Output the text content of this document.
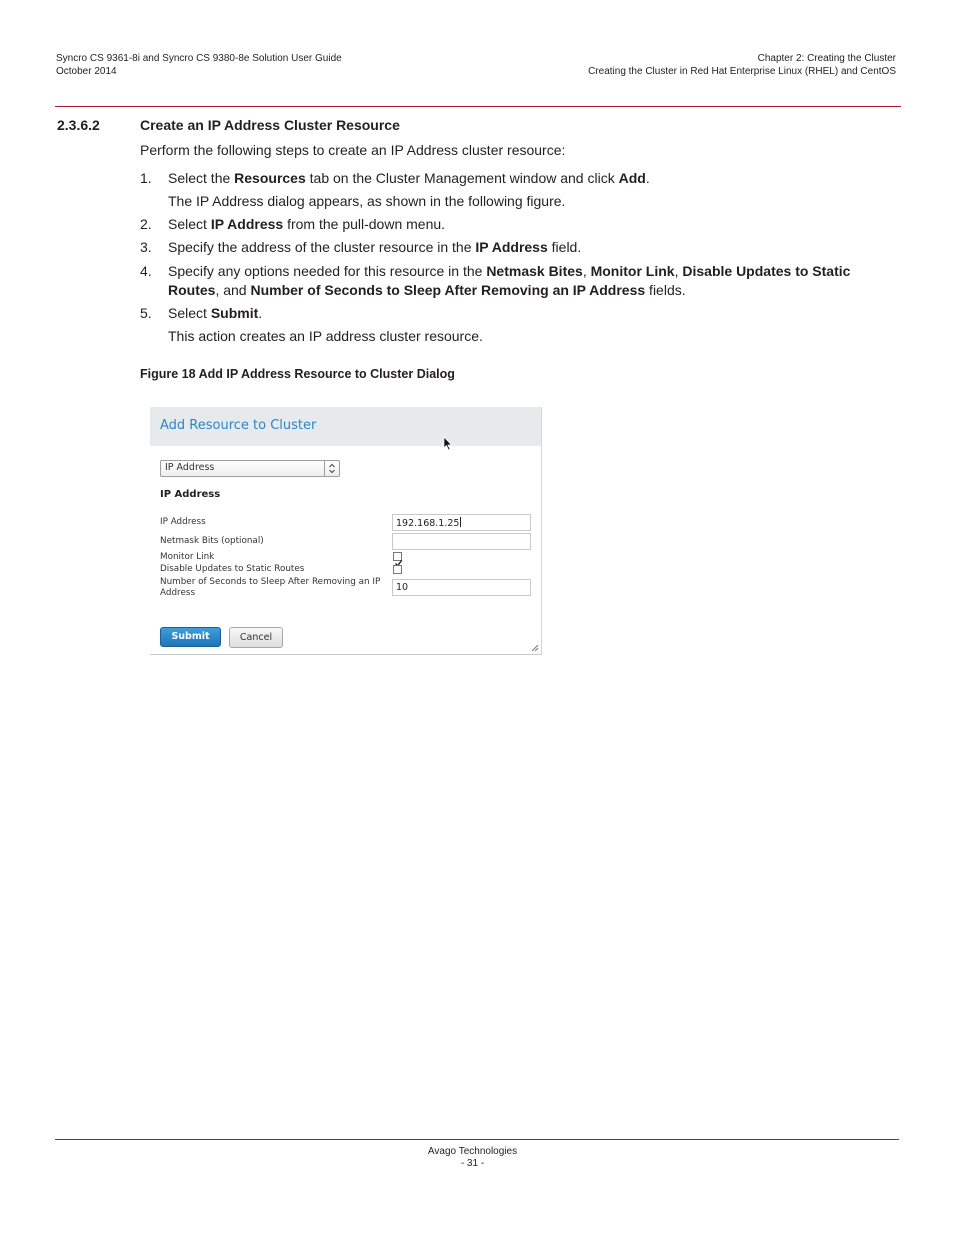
Syncro CS 9361-8i and Syncro CS 9380-8e Solution User Guide
October 2014
Chapter 2: Creating the Cluster
Creating the Cluster in Red Hat Enterprise Linux (RHEL) and CentOS
2.3.6.2	Create an IP Address Cluster Resource
Perform the following steps to create an IP Address cluster resource:
1. Select the Resources tab on the Cluster Management window and click Add.
The IP Address dialog appears, as shown in the following figure.
2. Select IP Address from the pull-down menu.
3. Specify the address of the cluster resource in the IP Address field.
4. Specify any options needed for this resource in the Netmask Bites, Monitor Link, Disable Updates to Static Routes, and Number of Seconds to Sleep After Removing an IP Address fields.
5. Select Submit.
This action creates an IP address cluster resource.
Figure 18 Add IP Address Resource to Cluster Dialog
Add Resource to Cluster
IP Address
IP Address
IP Address	192.168.1.25
Netmask Bits (optional)
Monitor Link
Disable Updates to Static Routes
Number of Seconds to Sleep After Removing an IP
Address	10
Submit	Cancel
Avago Technologies
- 31 -
